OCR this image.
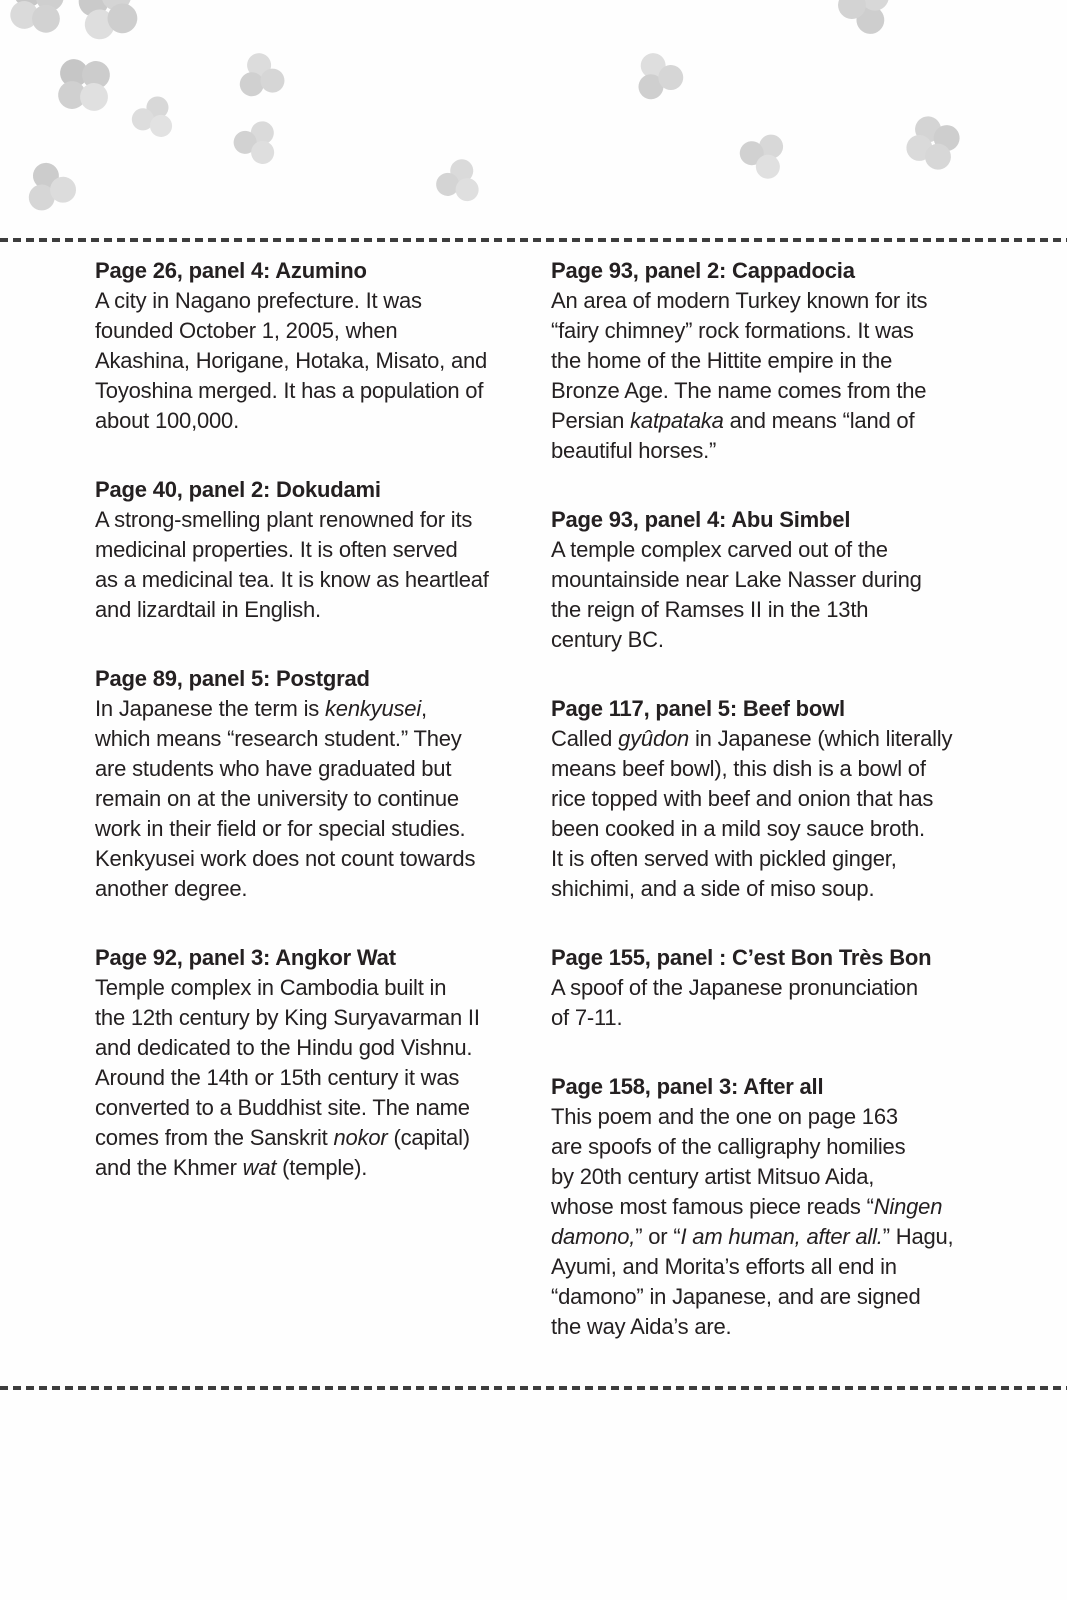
Page 26, panel 4: Azumino

A city in Nagano prefecture. It was

founded October 1, 2005, when

Akashina, Horigane, Hotaka, Misato, and

Toyoshina merged. It has a population of

about 100,000.

Page 40, panel 2: Dokudami

A strong-smelling plant renowned for its

medicinal properties. It is often served

as a medicinal tea. It is know as heartleaf

and lizardtail in English.

Page 89, panel 5: Postgrad

In Japanese the term is kenkyusei,

which means “research student.” They

are students who have graduated but

remain on at the university to continue

work in their field or for special studies.

Kenkyusei work does not count towards

another degree.

Page 92, panel 3: Angkor Wat

Temple complex in Cambodia built in

the 12th century by King Suryavarman II

and dedicated to the Hindu god Vishnu.

Around the 14th or 15th century it was

converted to a Buddhist site. The name

comes from the Sanskrit nokor (capital)

and the Khmer wat (temple).

Page 93, panel 2: Cappadocia

An area of modern Turkey known for its

“fairy chimney” rock formations. It was

the home of the Hittite empire in the

Bronze Age. The name comes from the

Persian katpataka and means “land of

beautiful horses.”

Page 93, panel 4: Abu Simbel

A temple complex carved out of the

mountainside near Lake Nasser during

the reign of Ramses II in the 13th

century BC.

Page 117, panel 5: Beef bowl

Called gyûdon in Japanese (which literally

means beef bowl), this dish is a bowl of

rice topped with beef and onion that has

been cooked in a mild soy sauce broth.

It is often served with pickled ginger,

shichimi, and a side of miso soup.

Page 155, panel : C’est Bon Très Bon

A spoof of the Japanese pronunciation

of 7-11.

Page 158, panel 3: After all

This poem and the one on page 163

are spoofs of the calligraphy homilies

by 20th century artist Mitsuo Aida,

whose most famous piece reads “Ningen

damono,” or “I am human, after all.” Hagu,

Ayumi, and Morita’s efforts all end in

“damono” in Japanese, and are signed

the way Aida’s are.
